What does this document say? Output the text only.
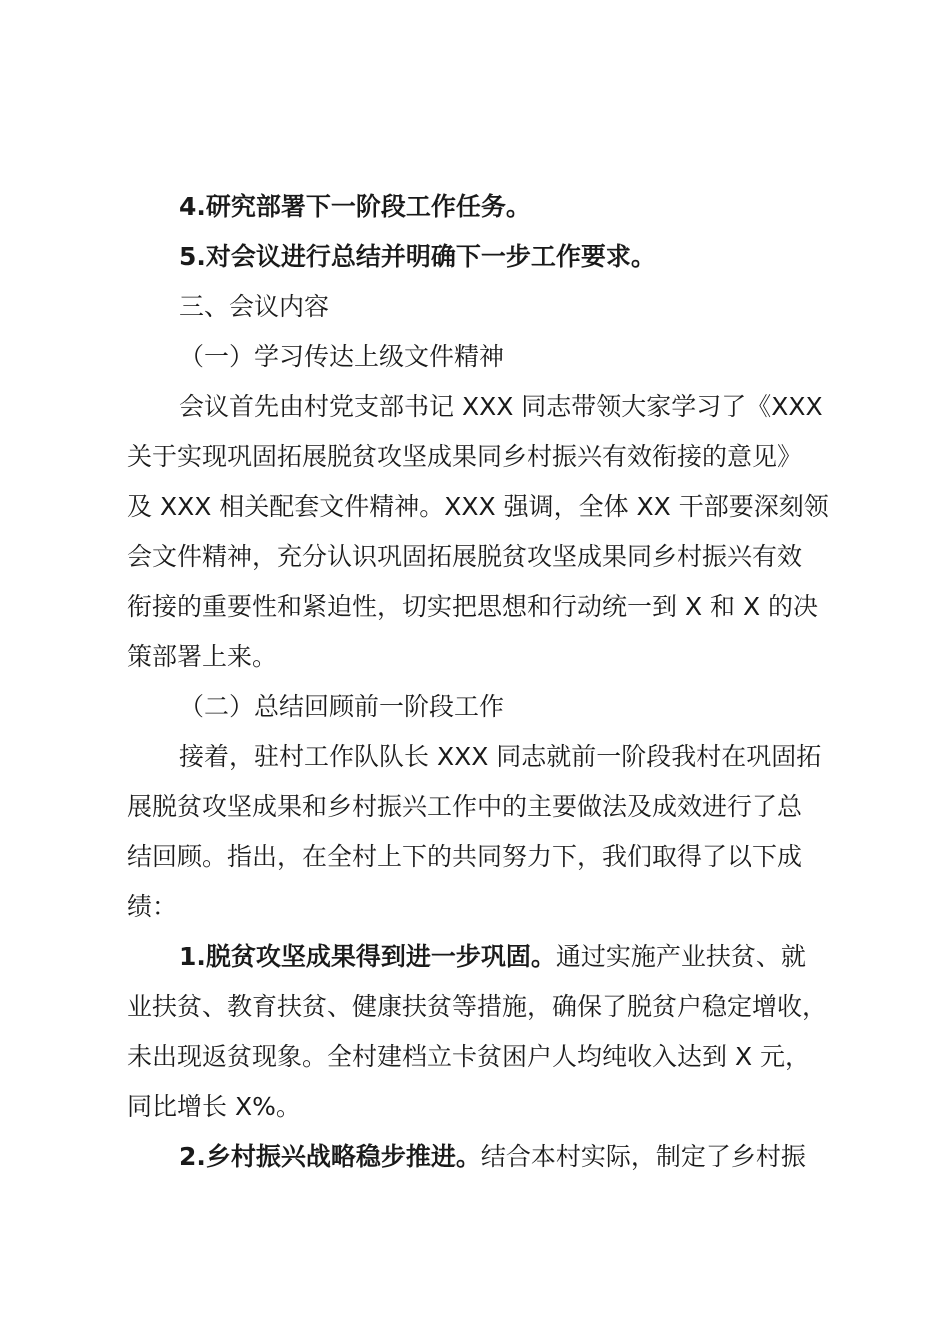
4.研究部署下一阶段工作任务。
5.对会议进行总结并明确下一步工作要求。
三、会议内容
（一）学习传达上级文件精神
会议首先由村党支部书记 XXX 同志带领大家学习了《XXX
关于实现巩固拓展脱贫攻坚成果同乡村振兴有效衔接的意见》
及 XXX 相关配套文件精神。XXX 强调，全体 XX 干部要深刻领
会文件精神，充分认识巩固拓展脱贫攻坚成果同乡村振兴有效
衔接的重要性和紧迫性，切实把思想和行动统一到 X 和 X 的决
策部署上来。
（二）总结回顾前一阶段工作
接着，驻村工作队队长 XXX 同志就前一阶段我村在巩固拓
展脱贫攻坚成果和乡村振兴工作中的主要做法及成效进行了总
结回顾。指出，在全村上下的共同努力下，我们取得了以下成
绩：
1.脱贫攻坚成果得到进一步巩固。通过实施产业扶贫、就
业扶贫、教育扶贫、健康扶贫等措施，确保了脱贫户稳定增收，
未出现返贫现象。全村建档立卡贫困户人均纯收入达到 X 元，
同比增长 X%。
2.乡村振兴战略稳步推进。结合本村实际，制定了乡村振
